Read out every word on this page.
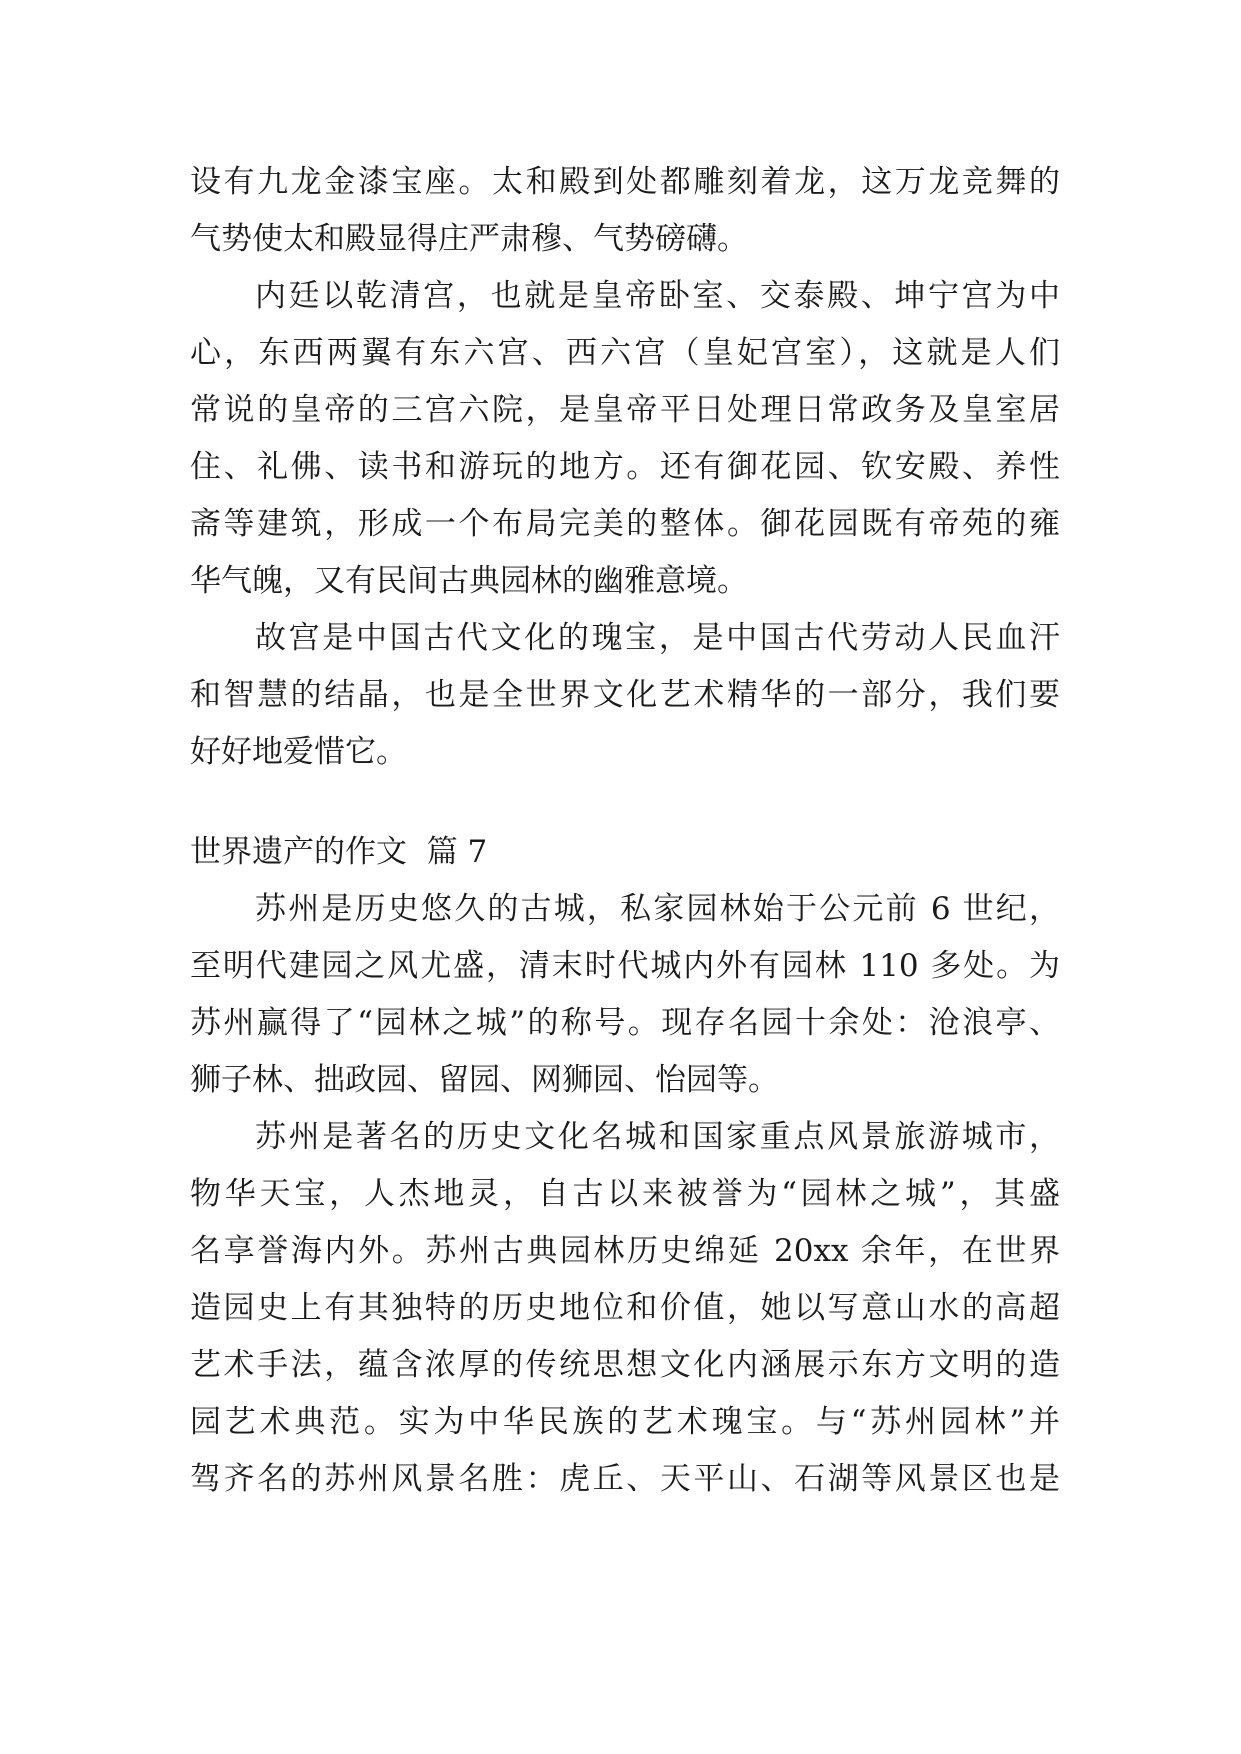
设有九龙金漆宝座。太和殿到处都雕刻着龙，这万龙竞舞的

气势使太和殿显得庄严肃穆、气势磅礴。

内廷以乾清宫，也就是皇帝卧室、交泰殿、坤宁宫为中

心，东西两翼有东六宫、西六宫（皇妃宫室），这就是人们

常说的皇帝的三宫六院，是皇帝平日处理日常政务及皇室居

住、礼佛、读书和游玩的地方。还有御花园、钦安殿、养性

斋等建筑，形成一个布局完美的整体。御花园既有帝苑的雍

华气魄，又有民间古典园林的幽雅意境。

故宫是中国古代文化的瑰宝，是中国古代劳动人民血汗

和智慧的结晶，也是全世界文化艺术精华的一部分，我们要

好好地爱惜它。

世界遗产的作文  篇 7

苏州是历史悠久的古城，私家园林始于公元前 6 世纪，

至明代建园之风尤盛，清末时代城内外有园林 110 多处。为

苏州赢得了“园林之城”的称号。现存名园十余处：沧浪亭、

狮子林、拙政园、留园、网狮园、怡园等。

苏州是著名的历史文化名城和国家重点风景旅游城市，

物华天宝，人杰地灵，自古以来被誉为“园林之城”，其盛

名享誉海内外。苏州古典园林历史绵延 20xx 余年，在世界

造园史上有其独特的历史地位和价值，她以写意山水的高超

艺术手法，蕴含浓厚的传统思想文化内涵展示东方文明的造

园艺术典范。实为中华民族的艺术瑰宝。与“苏州园林”并

驾齐名的苏州风景名胜：虎丘、天平山、石湖等风景区也是
